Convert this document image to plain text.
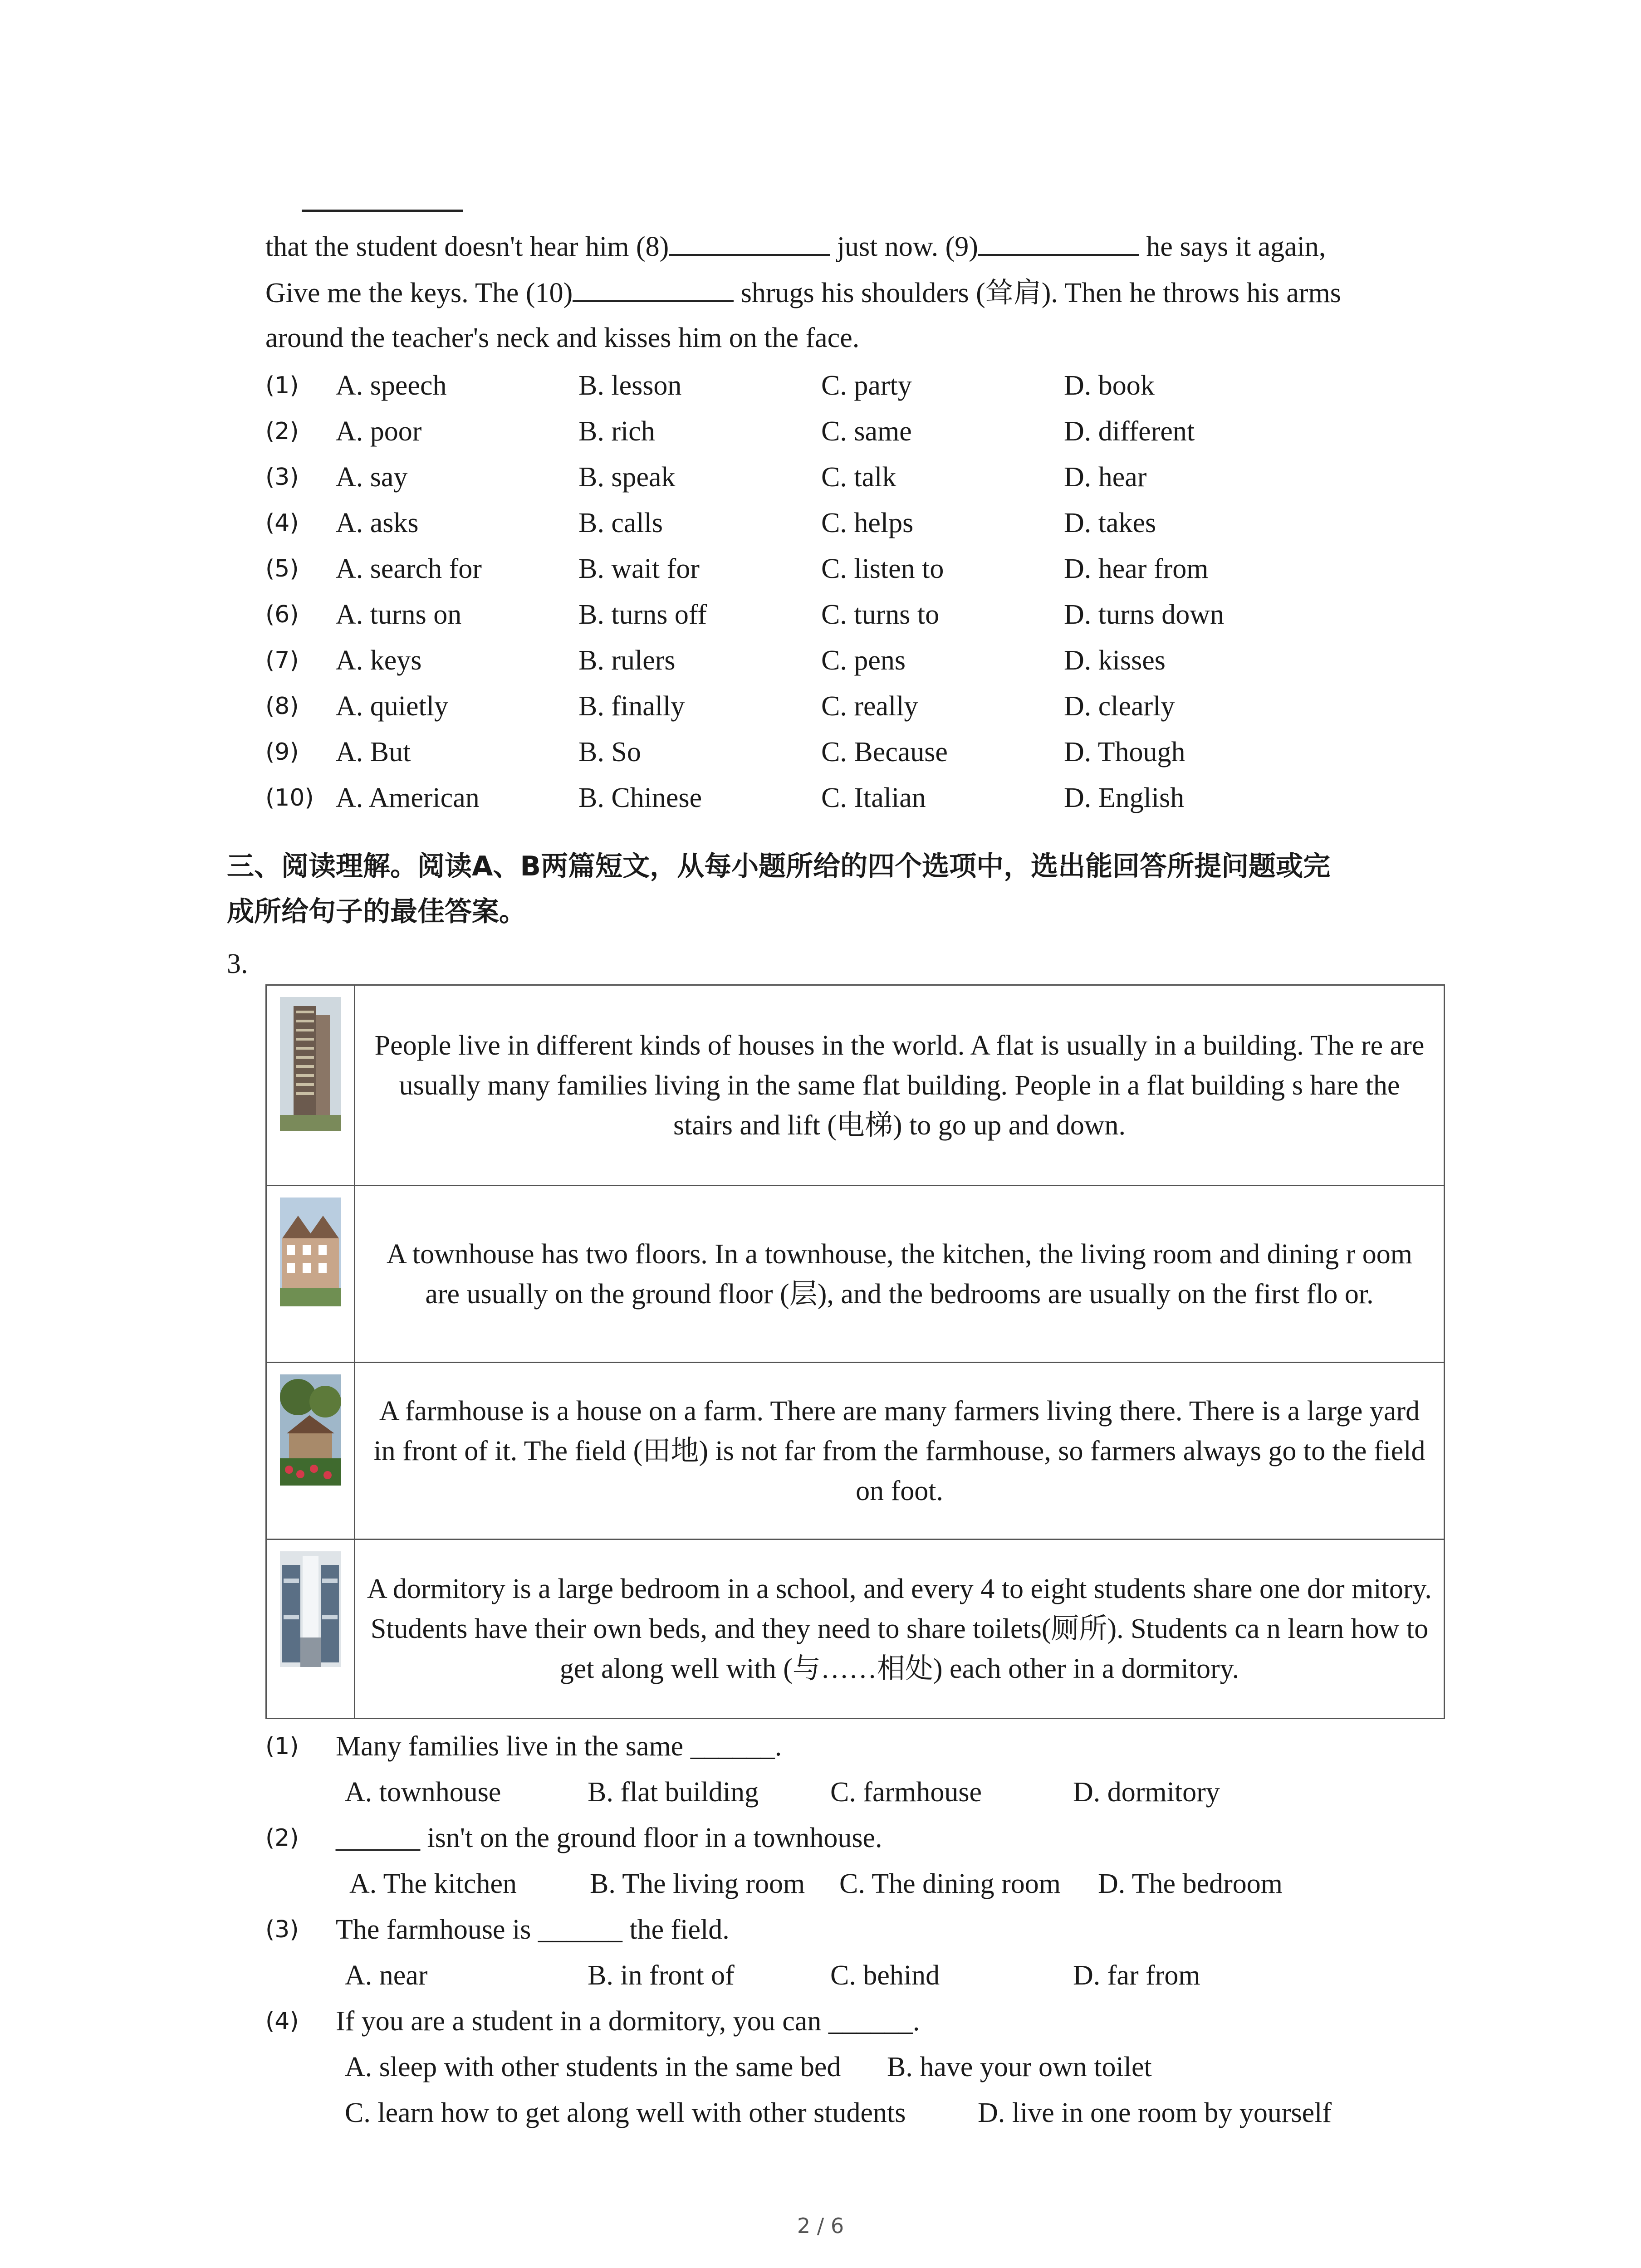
that the student doesn't hear him (8)	just now. (9)	he says it again,
Give me the keys. The (10)	shrugs his shoulders (耸肩). Then he throws his arms
around the teacher's neck and kisses him on the face.
(1)	A. speech	B. lesson	C. party	D. book
(2)	A. poor	B. rich	C. same	D. different
(3)	A. say	B. speak	C. talk	D. hear
(4)	A. asks	B. calls	C. helps	D. takes
(5)	A. search for	B. wait for	C. listen to	D. hear from
(6)	A. turns on	B. turns off	C. turns to	D. turns down
(7)	A. keys	B. rulers	C. pens	D. kisses
(8)	A. quietly	B. finally	C. really	D. clearly
(9)	A. But	B. So	C. Because	D. Though
(10) A. American	B. Chinese	C. Italian	D. English
三、阅读理解。阅读A、B两篇短文，从每小题所给的四个选项中，选出能回答所提问题或完
成所给句子的最佳答案。
3.
	People live in different kinds of houses in the world. A flat is usually in a building. The re are usually many families living in the same flat building. People in a flat building s hare the stairs and lift (电梯) to go up and down.
	A townhouse has two floors. In a townhouse, the kitchen, the living room and dining r oom are usually on the ground floor (层), and the bedrooms are usually on the first flo or.
	A farmhouse is a house on a farm. There are many farmers living there. There is a large yard in front of it. The field (田地) is not far from the farmhouse, so farmers always go to the field on foot.
	A dormitory is a large bedroom in a school, and every 4 to eight students share one dor mitory. Students have their own beds, and they need to share toilets(厕所). Students ca n learn how to get along well with (与……相处) each other in a dormitory.
(1)	Many families live in the same ______.
A. townhouse	B. flat building	C. farmhouse	D. dormitory
(2)	______ isn't on the ground floor in a townhouse.
A. The kitchen	B. The living room C. The dining room D. The bedroom
(3)	The farmhouse is ______ the field.
A. near	B. in front of	C. behind	D. far from
(4)	If you are a student in a dormitory, you can ______.
A. sleep with other students in the same bed B. have your own toilet
C. learn how to get along well with other students	D. live in one room by yourself
2 / 6
